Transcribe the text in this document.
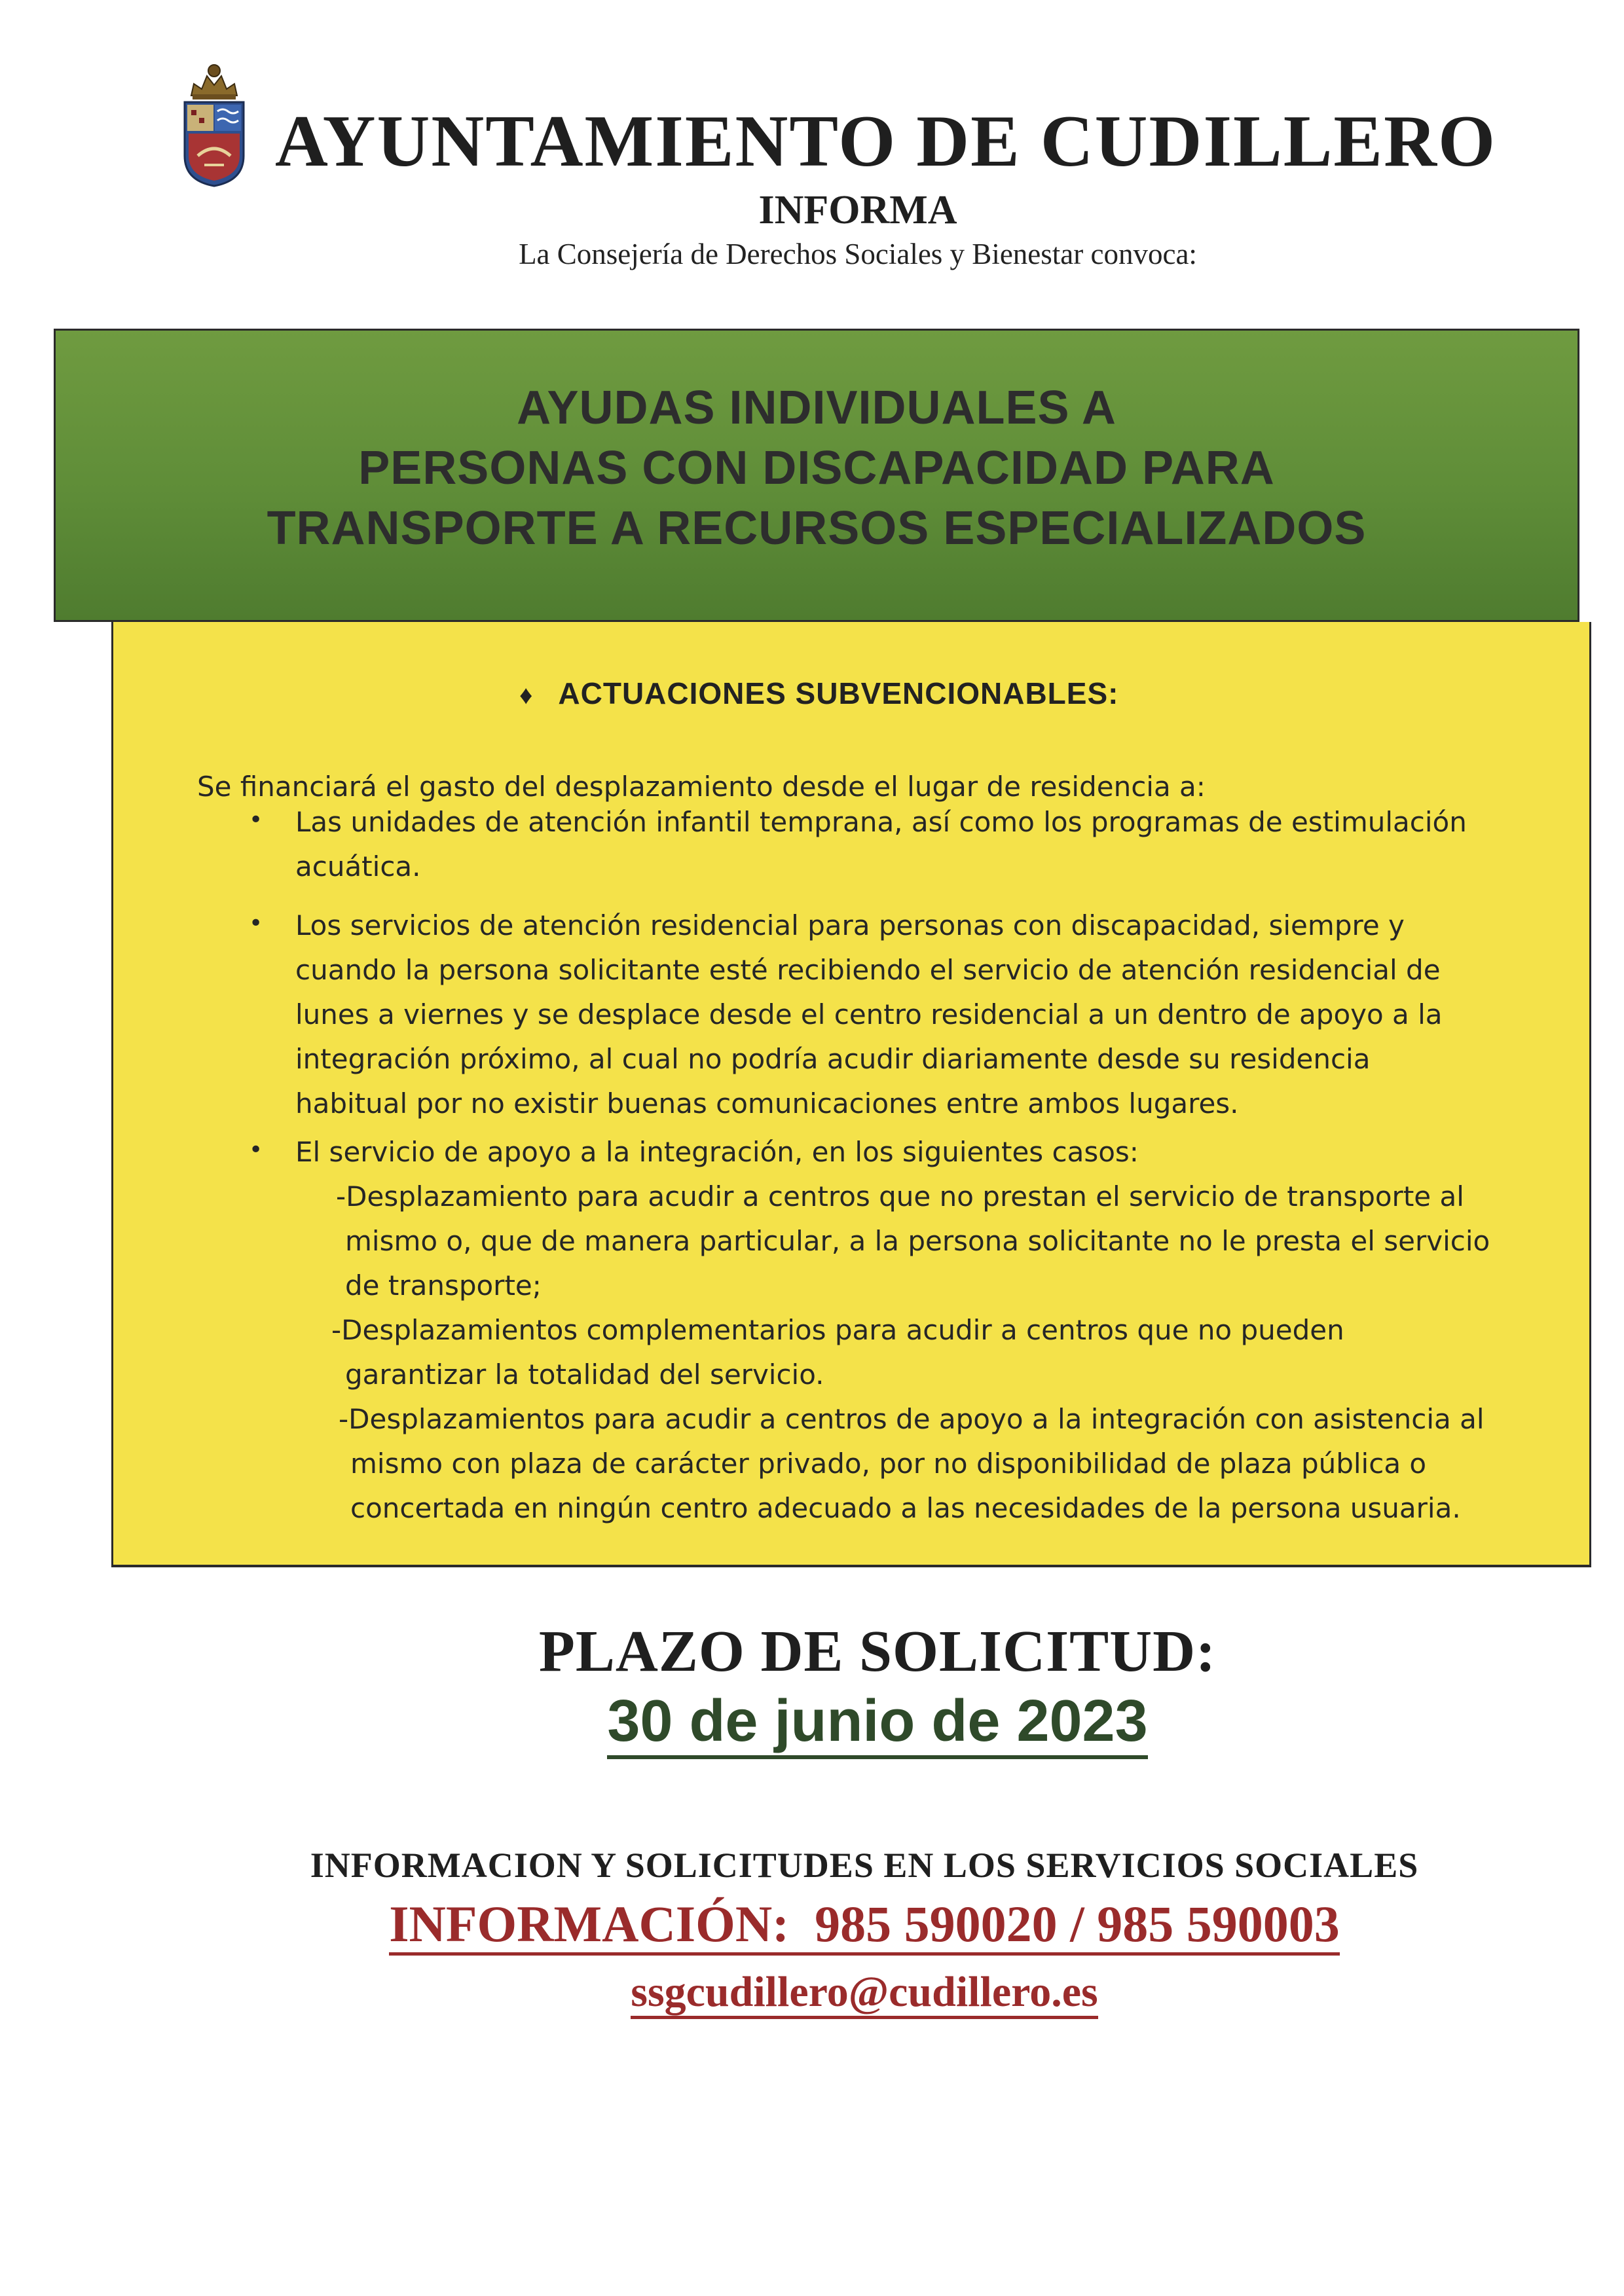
AYUNTAMIENTO DE CUDILLERO
INFORMA
La Consejería de Derechos Sociales y Bienestar convoca:
AYUDAS INDIVIDUALES A
PERSONAS CON DISCAPACIDAD PARA
TRANSPORTE A RECURSOS ESPECIALIZADOS
♦ ACTUACIONES SUBVENCIONABLES:
Se financiará el gasto del desplazamiento desde el lugar de residencia a:
• Las unidades de atención infantil temprana, así como los programas de estimulación
acuática.
• Los servicios de atención residencial para personas con discapacidad, siempre y
cuando la persona solicitante esté recibiendo el servicio de atención residencial de
lunes a viernes y se desplace desde el centro residencial a un dentro de apoyo a la
integración próximo, al cual no podría acudir diariamente desde su residencia
habitual por no existir buenas comunicaciones entre ambos lugares.
• El servicio de apoyo a la integración, en los siguientes casos:
-Desplazamiento para acudir a centros que no prestan el servicio de transporte al
mismo o, que de manera particular, a la persona solicitante no le presta el servicio
de transporte;
-Desplazamientos complementarios para acudir a centros que no pueden
garantizar la totalidad del servicio.
-Desplazamientos para acudir a centros de apoyo a la integración con asistencia al
mismo con plaza de carácter privado, por no disponibilidad de plaza pública o
concertada en ningún centro adecuado a las necesidades de la persona usuaria.
PLAZO DE SOLICITUD:
30 de junio de 2023
INFORMACION Y SOLICITUDES EN LOS SERVICIOS SOCIALES
INFORMACIÓN:  985 590020 / 985 590003
ssgcudillero@cudillero.es
